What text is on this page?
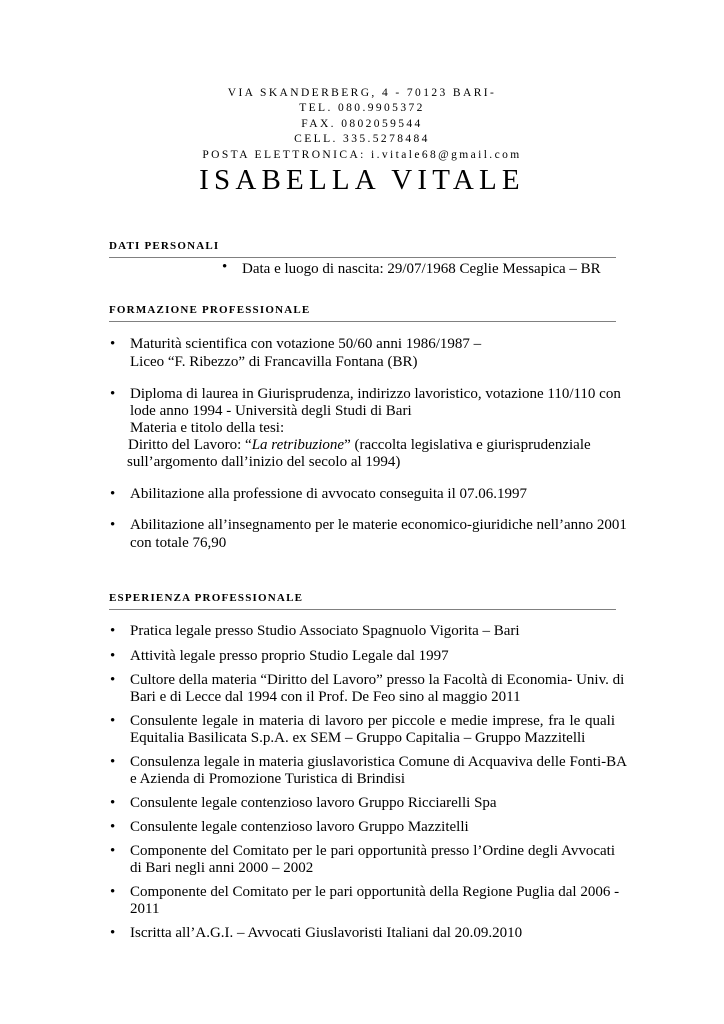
VIA SKANDERBERG, 4 - 70123 BARI-
TEL. 080.9905372
FAX. 0802059544
CELL. 335.5278484
POSTA ELETTRONICA: i.vitale68@gmail.com
ISABELLA VITALE
DATI PERSONALI
• Data e luogo di nascita: 29/07/1968 Ceglie Messapica – BR
FORMAZIONE PROFESSIONALE
• Maturità scientifica con votazione 50/60 anni 1986/1987 –
Liceo “F. Ribezzo” di Francavilla Fontana (BR)
• Diploma di laurea in Giurisprudenza, indirizzo lavoristico, votazione 110/110 con
lode anno 1994 - Università degli Studi di Bari
Materia e titolo della tesi:
Diritto del Lavoro: “La retribuzione” (raccolta legislativa e giurisprudenziale
sull’argomento dall’inizio del secolo al 1994)
• Abilitazione alla professione di avvocato conseguita il 07.06.1997
• Abilitazione all’insegnamento per le materie economico-giuridiche nell’anno 2001
con totale 76,90
ESPERIENZA PROFESSIONALE
• Pratica legale presso Studio Associato Spagnuolo Vigorita – Bari
• Attività legale presso proprio Studio Legale dal 1997
• Cultore della materia “Diritto del Lavoro” presso la Facoltà di Economia- Univ. di
Bari e di Lecce dal 1994 con il Prof. De Feo sino al maggio 2011
• Consulente legale in materia di lavoro per piccole e medie imprese, fra le quali
Equitalia Basilicata S.p.A. ex SEM – Gruppo Capitalia – Gruppo Mazzitelli
• Consulenza legale in materia giuslavoristica Comune di Acquaviva delle Fonti-BA
e Azienda di Promozione Turistica di Brindisi
• Consulente legale contenzioso lavoro Gruppo Ricciarelli Spa
• Consulente legale contenzioso lavoro Gruppo Mazzitelli
• Componente del Comitato per le pari opportunità presso l’Ordine degli Avvocati
di Bari negli anni 2000 – 2002
• Componente del Comitato per le pari opportunità della Regione Puglia dal 2006 -
2011
• Iscritta all’A.G.I. – Avvocati Giuslavoristi Italiani dal 20.09.2010
